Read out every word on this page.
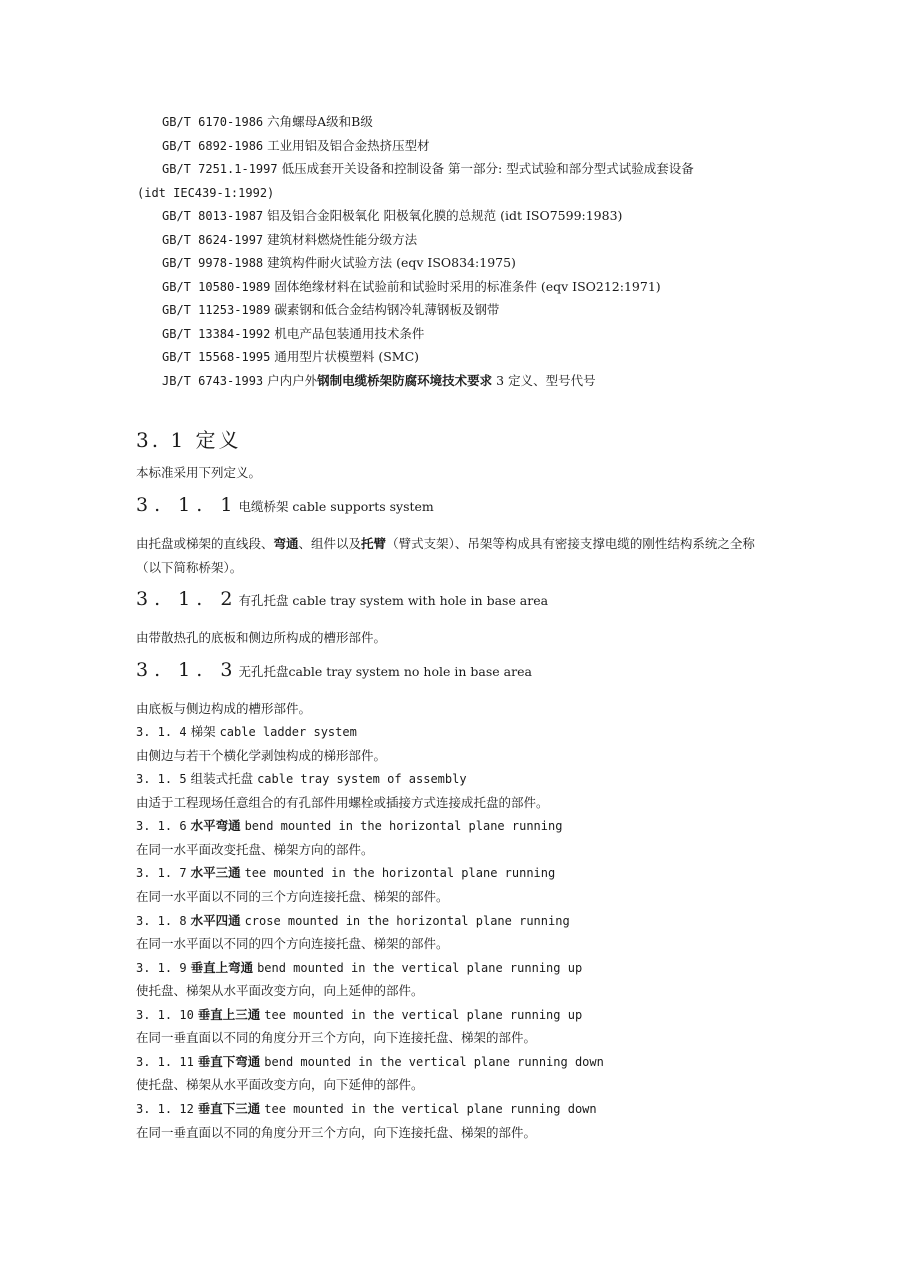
GB/T 6170-1986 六角螺母A级和B级
GB/T 6892-1986 工业用铝及铝合金热挤压型材
GB/T 7251.1-1997 低压成套开关设备和控制设备 第一部分: 型式试验和部分型式试验成套设备
(idt IEC439-1:1992)
GB/T 8013-1987 铝及铝合金阳极氧化 阳极氧化膜的总规范 (idt ISO7599:1983)
GB/T 8624-1997 建筑材料燃烧性能分级方法
GB/T 9978-1988 建筑构件耐火试验方法 (eqv ISO834:1975)
GB/T 10580-1989 固体绝缘材料在试验前和试验时采用的标准条件 (eqv ISO212:1971)
GB/T 11253-1989 碳素钢和低合金结构钢冷轧薄钢板及钢带
GB/T 13384-1992 机电产品包装通用技术条件
GB/T 15568-1995 通用型片状模塑料 (SMC)
JB/T 6743-1993 户内户外钢制电缆桥架防腐环境技术要求 3 定义、型号代号
3. 1 定义
本标准采用下列定义。
3. 1. 1电缆桥架 cable supports system
由托盘或梯架的直线段、弯通、组件以及托臂（臂式支架）、吊架等构成具有密接支撑电缆的刚性结构系统之全称（以下简称桥架）。
3. 1. 2有孔托盘 cable tray system with hole in base area
由带散热孔的底板和侧边所构成的槽形部件。
3. 1. 3无孔托盘cable tray system no hole in base area
由底板与侧边构成的槽形部件。
3. 1. 4 梯架 cable ladder system
由侧边与若干个横化学剥蚀构成的梯形部件。
3. 1. 5 组装式托盘 cable tray system of assembly
由适于工程现场任意组合的有孔部件用螺栓或插接方式连接成托盘的部件。
3. 1. 6 水平弯通 bend mounted in the horizontal plane running
在同一水平面改变托盘、梯架方向的部件。
3. 1. 7 水平三通 tee mounted in the horizontal plane running
在同一水平面以不同的三个方向连接托盘、梯架的部件。
3. 1. 8 水平四通 crose mounted in the horizontal plane running
在同一水平面以不同的四个方向连接托盘、梯架的部件。
3. 1. 9 垂直上弯通 bend mounted in the vertical plane running up
使托盘、梯架从水平面改变方向，向上延伸的部件。
3. 1. 10 垂直上三通 tee mounted in the vertical plane running up
在同一垂直面以不同的角度分开三个方向，向下连接托盘、梯架的部件。
3. 1. 11 垂直下弯通 bend mounted in the vertical plane running down
使托盘、梯架从水平面改变方向，向下延伸的部件。
3. 1. 12 垂直下三通 tee mounted in the vertical plane running down
在同一垂直面以不同的角度分开三个方向，向下连接托盘、梯架的部件。
